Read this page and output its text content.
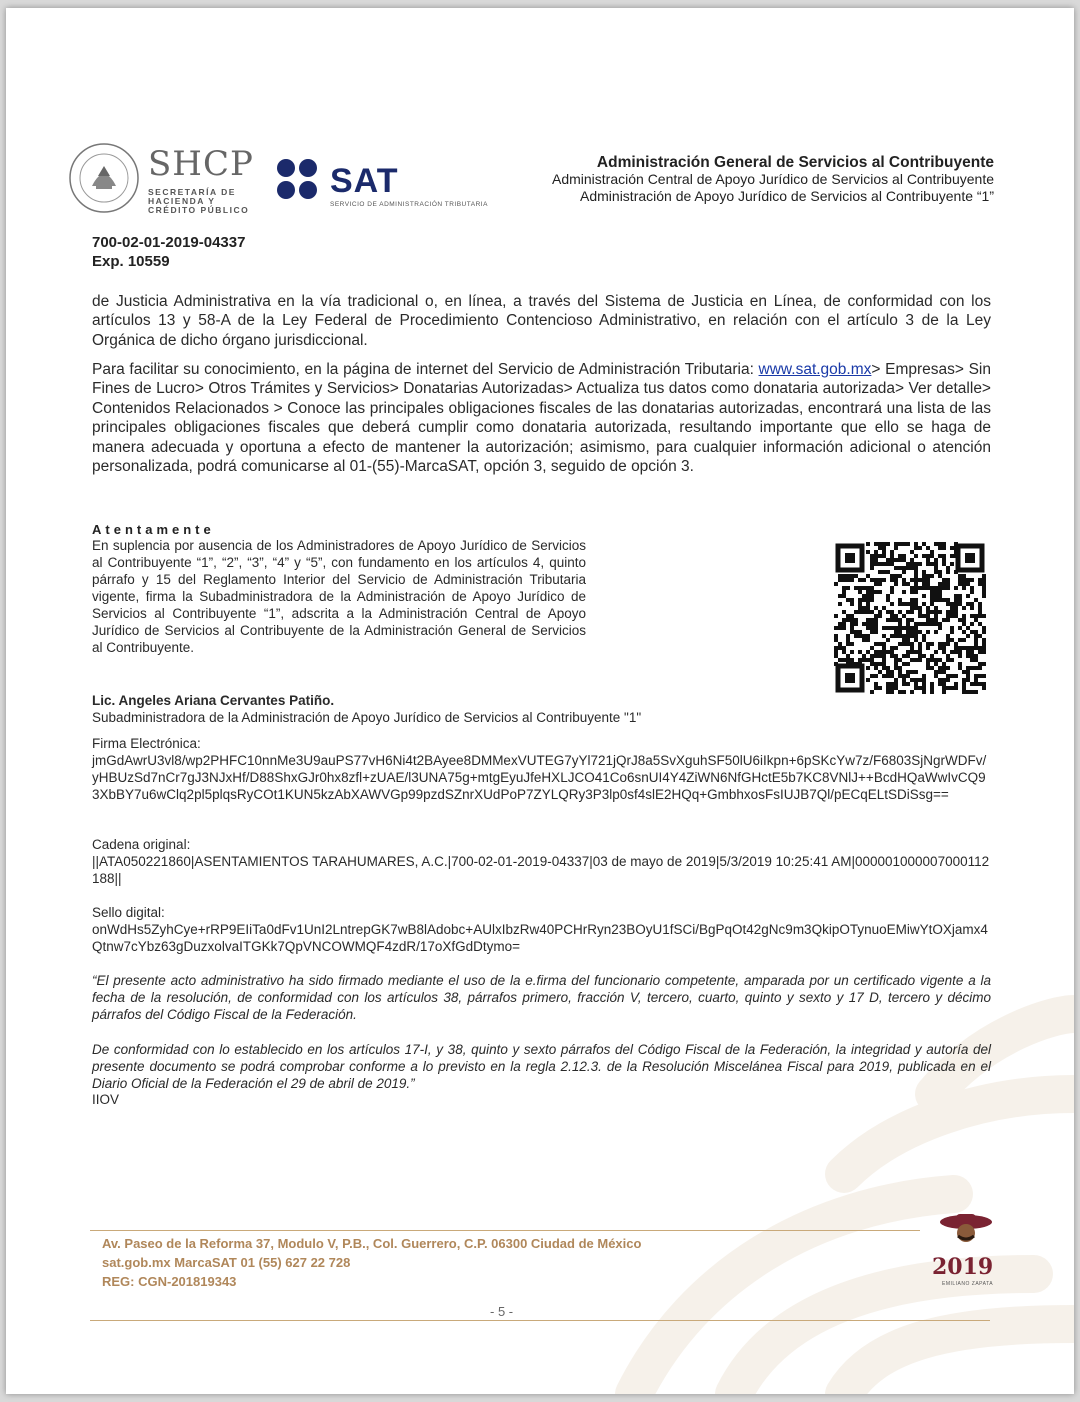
SHCP
SECRETARÍA DE HACIENDA Y CRÉDITO PÚBLICO
SAT
SERVICIO DE ADMINISTRACIÓN TRIBUTARIA
Administración General de Servicios al Contribuyente
Administración Central de Apoyo Jurídico de Servicios al Contribuyente
Administración de Apoyo Jurídico de Servicios al Contribuyente “1”
700-02-01-2019-04337
Exp. 10559

de Justicia Administrativa en la vía tradicional o, en línea, a través del Sistema de Justicia en Línea, de conformidad con los artículos 13 y 58-A de la Ley Federal de Procedimiento Contencioso Administrativo, en relación con el artículo 3 de la Ley Orgánica de dicho órgano jurisdiccional.

Para facilitar su conocimiento, en la página de internet del Servicio de Administración Tributaria: www.sat.gob.mx> Empresas> Sin Fines de Lucro> Otros Trámites y Servicios> Donatarias Autorizadas> Actualiza tus datos como donataria autorizada> Ver detalle> Contenidos Relacionados > Conoce las principales obligaciones fiscales de las donatarias autorizadas, encontrará una lista de las principales obligaciones fiscales que deberá cumplir como donataria autorizada, resultando importante que ello se haga de manera adecuada y oportuna a efecto de mantener la autorización; asimismo, para cualquier información adicional o atención personalizada, podrá comunicarse al 01-(55)-MarcaSAT, opción 3, seguido de opción 3.

Atentamente

En suplencia por ausencia de los Administradores de Apoyo Jurídico de Servicios al Contribuyente “1”, “2”, “3”, “4” y “5”, con fundamento en los artículos 4, quinto párrafo y 15 del Reglamento Interior del Servicio de Administración Tributaria vigente, firma la Subadministradora de la Administración de Apoyo Jurídico de Servicios al Contribuyente “1”, adscrita a la Administración Central de Apoyo Jurídico de Servicios al Contribuyente de la Administración General de Servicios al Contribuyente.

Lic. Angeles Ariana Cervantes Patiño.
Subadministradora de la Administración de Apoyo Jurídico de Servicios al Contribuyente "1"
Firma Electrónica:
jmGdAwrU3vl8/wp2PHFC10nnMe3U9auPS77vH6Ni4t2BAyee8DMMexVUTEG7yYl721jQrJ8a5SvXguhSF50lU6iIkpn+6pSKcYw7z/F6803SjNgrWDFv/yHBUzSd7nCr7gJ3NJxHf/D88ShxGJr0hx8zfl+zUAE/l3UNA75g+mtgEyuJfeHXLJCO41Co6snUI4Y4ZiWN6NfGHctE5b7KC8VNlJ++BcdHQaWwIvCQ93XbBY7u6wClq2pl5plqsRyCOt1KUN5kzAbXAWVGp99pzdSZnrXUdPoP7ZYLQRy3P3lp0sf4slE2HQq+GmbhxosFsIUJB7Ql/pECqELtSDiSsg==
Cadena original:
||ATA050221860|ASENTAMIENTOS TARAHUMARES, A.C.|700-02-01-2019-04337|03 de mayo de 2019|5/3/2019 10:25:41 AM|00000100000700011218​8||
Sello digital:
onWdHs5ZyhCye+rRP9EIiTa0dFv1UnI2LntrepGK7wB8lAdobc+AUlxIbzRw40PCHrRyn23BOyU1fSCi/BgPqOt42gNc9m3QkipOTynuoEMiwYtOXjamx4Qtnw7cYbz63gDuzxolvaITGKk7QpVNCOWMQF4zdR/17oXfGdDtymo=

“El presente acto administrativo ha sido firmado mediante el uso de la e.firma del funcionario competente, amparada por un certificado vigente a la fecha de la resolución, de conformidad con los artículos 38, párrafos primero, fracción V, tercero, cuarto, quinto y sexto y 17 D, tercero y décimo párrafos del Código Fiscal de la Federación.

De conformidad con lo establecido en los artículos 17-I, y 38, quinto y sexto párrafos del Código Fiscal de la Federación, la integridad y autoría del presente documento se podrá comprobar conforme a lo previsto en la regla 2.12.3. de la Resolución Miscelánea Fiscal para 2019, publicada en el Diario Oficial de la Federación el 29 de abril de 2019.”

IIOV
Av. Paseo de la Reforma 37, Modulo V, P.B., Col. Guerrero, C.P. 06300 Ciudad de México
sat.gob.mx MarcaSAT 01 (55) 627 22 728
REG: CGN-201819343
- 5 -
2019
EMILIANO ZAPATA
